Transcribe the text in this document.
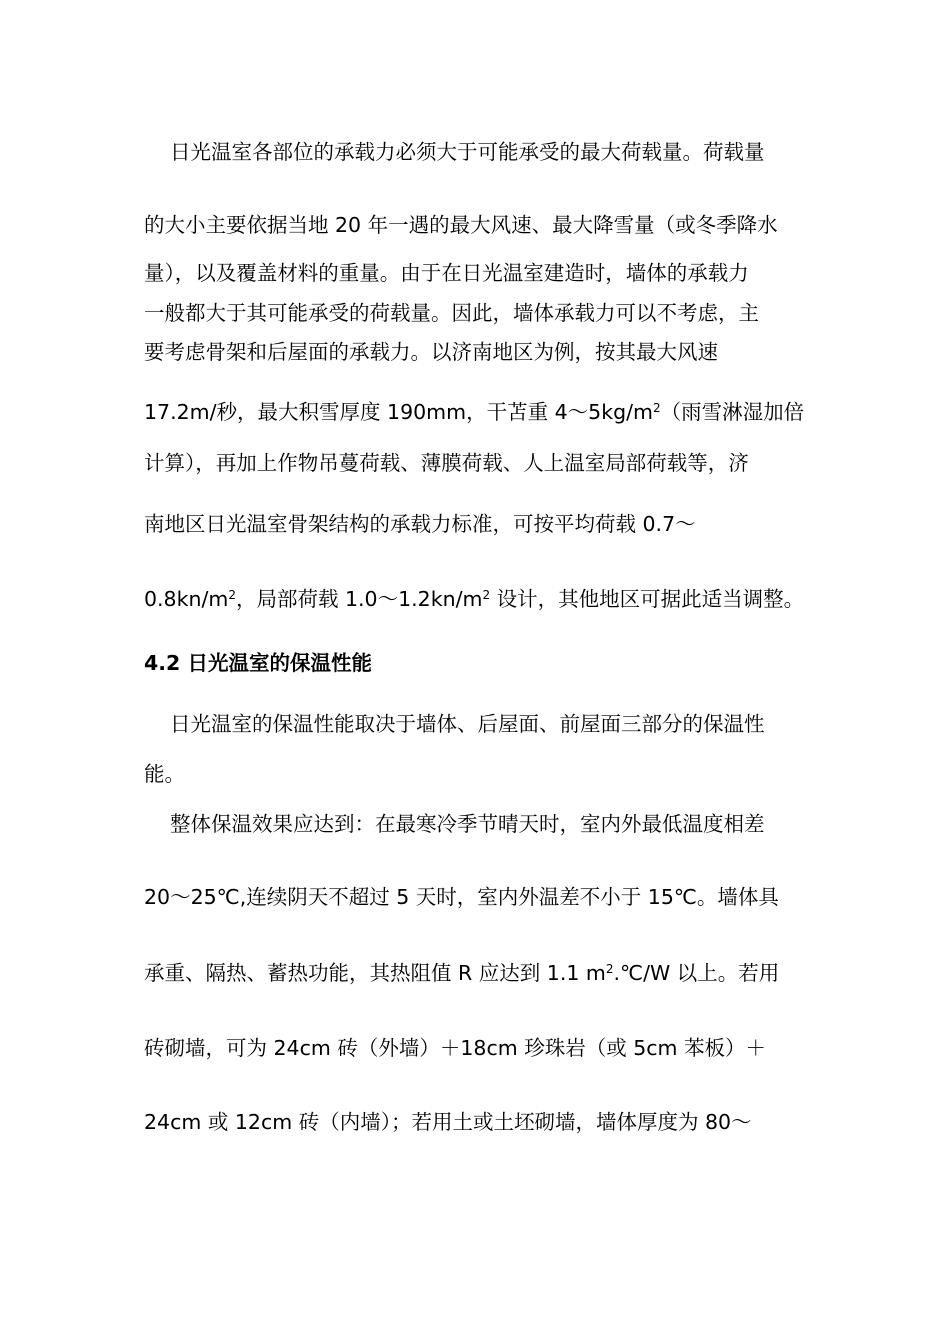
日光温室各部位的承载力必须大于可能承受的最大荷载量。荷载量
的大小主要依据当地 20 年一遇的最大风速、最大降雪量（或冬季降水
量），以及覆盖材料的重量。由于在日光温室建造时，墙体的承载力
一般都大于其可能承受的荷载量。因此，墙体承载力可以不考虑，主
要考虑骨架和后屋面的承载力。以济南地区为例，按其最大风速
17.2m/秒，最大积雪厚度 190mm，干苫重 $4\sim 5kg/m^2$（雨雪淋湿加倍
计算），再加上作物吊蔓荷载、薄膜荷载、人上温室局部荷载等，济
南地区日光温室骨架结构的承载力标准，可按平均荷载 0.7～
$0.8kn/m^2$，局部荷载 $1.0\sim 1.2kn/m^2$ 设计，其他地区可据此适当调整。
4.2 日光温室的保温性能
日光温室的保温性能取决于墙体、后屋面、前屋面三部分的保温性
能。
整体保温效果应达到：在最寒冷季节晴天时，室内外最低温度相差
20～25℃,连续阴天不超过 5 天时，室内外温差不小于 15℃。墙体具
承重、隔热、蓄热功能，其热阻值 R 应达到 1.1 $m^2.℃/W$ 以上。若用
砖砌墙，可为 24cm 砖（外墙）＋18cm 珍珠岩（或 5cm 苯板）＋
24cm 或 12cm 砖（内墙）；若用土或土坯砌墙，墙体厚度为 80～
